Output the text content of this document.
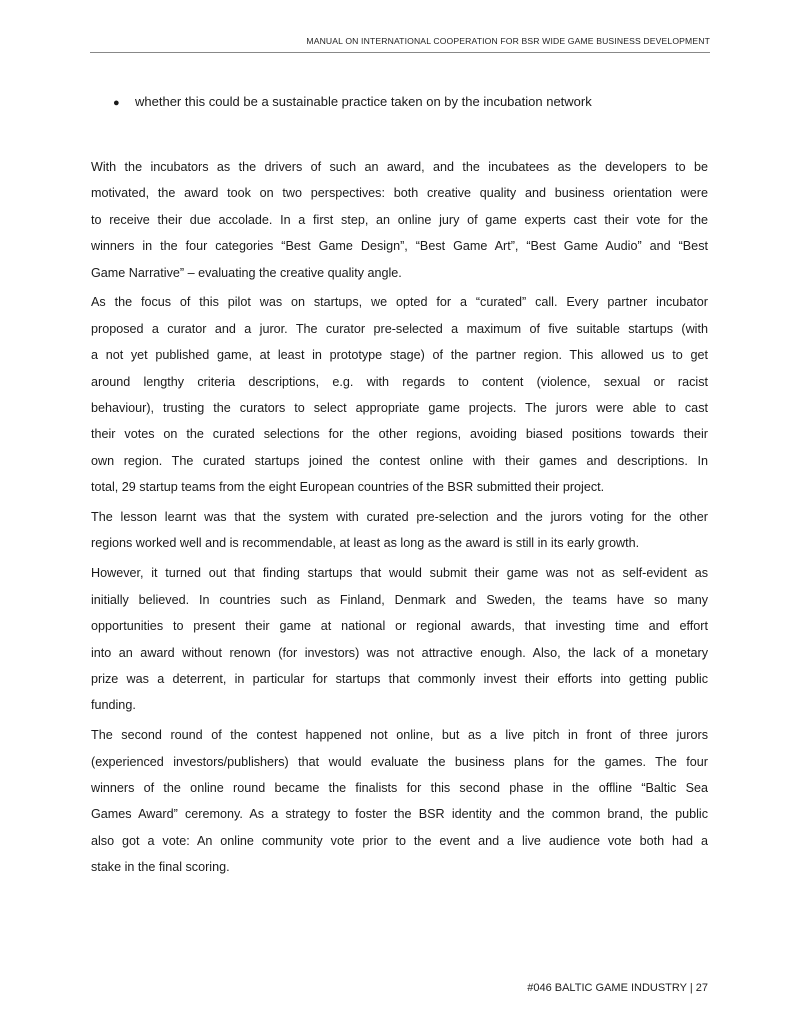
MANUAL ON INTERNATIONAL COOPERATION FOR BSR WIDE GAME BUSINESS DEVELOPMENT
● whether this could be a sustainable practice taken on by the incubation network
With the incubators as the drivers of such an award, and the incubatees as the developers to be
motivated, the award took on two perspectives: both creative quality and business orientation were
to receive their due accolade. In a first step, an online jury of game experts cast their vote for the
winners in the four categories “Best Game Design”, “Best Game Art”, “Best Game Audio” and “Best
Game Narrative” – evaluating the creative quality angle.
As the focus of this pilot was on startups, we opted for a “curated” call. Every partner incubator
proposed a curator and a juror. The curator pre-selected a maximum of five suitable startups (with
a not yet published game, at least in prototype stage) of the partner region. This allowed us to get
around lengthy criteria descriptions, e.g. with regards to content (violence, sexual or racist
behaviour), trusting the curators to select appropriate game projects. The jurors were able to cast
their votes on the curated selections for the other regions, avoiding biased positions towards their
own region. The curated startups joined the contest online with their games and descriptions. In
total, 29 startup teams from the eight European countries of the BSR submitted their project.
The lesson learnt was that the system with curated pre-selection and the jurors voting for the other
regions worked well and is recommendable, at least as long as the award is still in its early growth.
However, it turned out that finding startups that would submit their game was not as self-evident as
initially believed. In countries such as Finland, Denmark and Sweden, the teams have so many
opportunities to present their game at national or regional awards, that investing time and effort
into an award without renown (for investors) was not attractive enough. Also, the lack of a monetary
prize was a deterrent, in particular for startups that commonly invest their efforts into getting public
funding.
The second round of the contest happened not online, but as a live pitch in front of three jurors
(experienced investors/publishers) that would evaluate the business plans for the games. The four
winners of the online round became the finalists for this second phase in the offline “Baltic Sea
Games Award” ceremony. As a strategy to foster the BSR identity and the common brand, the public
also got a vote: An online community vote prior to the event and a live audience vote both had a
stake in the final scoring.
#046 BALTIC GAME INDUSTRY | 27
